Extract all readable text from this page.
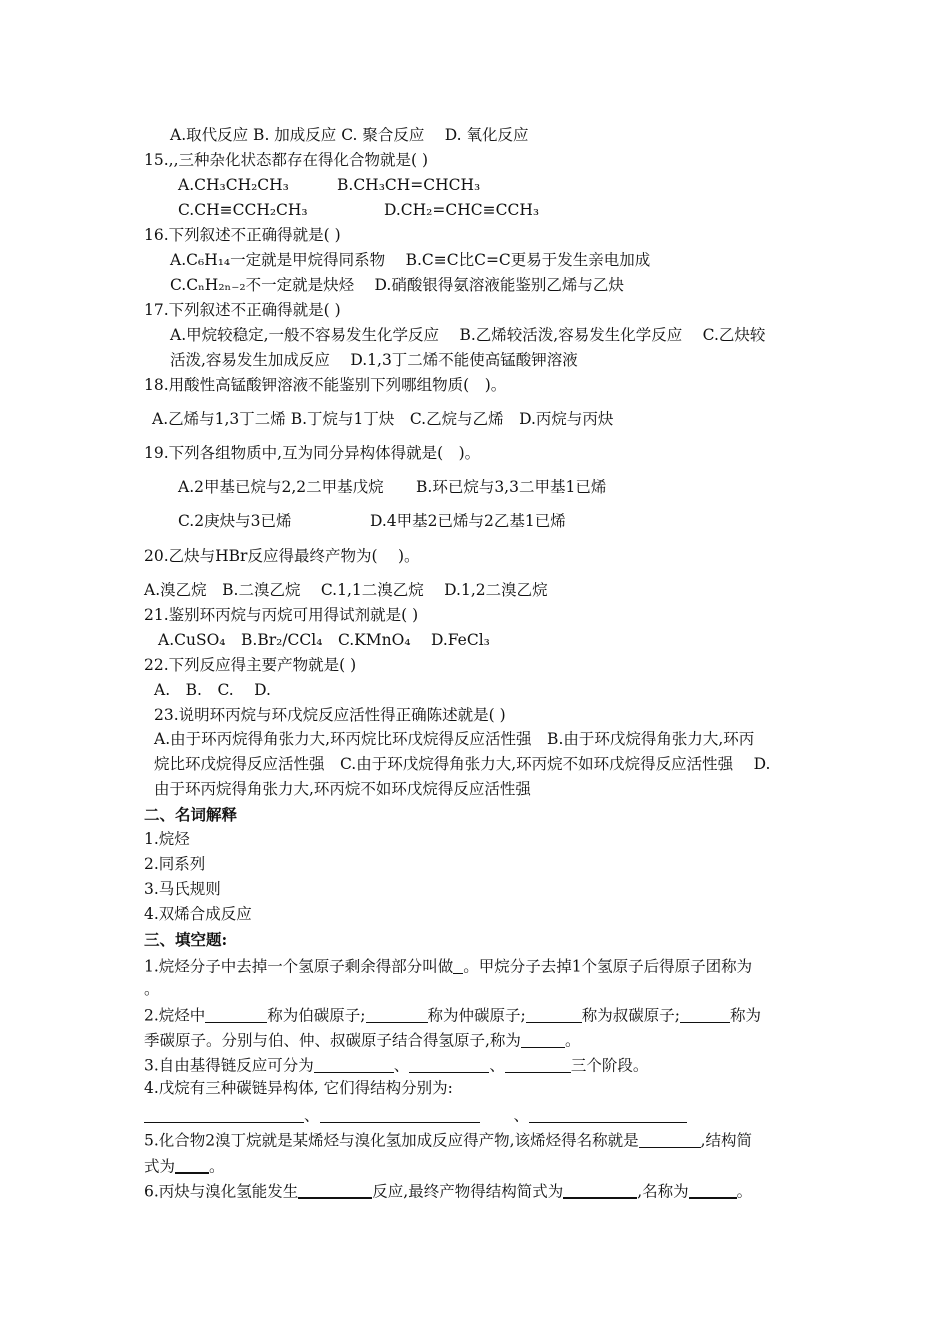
A.取代反应 B. 加成反应 C. 聚合反应　 D. 氧化反应
15.,,三种杂化状态都存在得化合物就是( )
A.CH₃CH₂CH₃	B.CH₃CH=CHCH₃
C.CH≡CCH₂CH₃	D.CH₂=CHC≡CCH₃
16.下列叙述不正确得就是( )
A.C₆H₁₄一定就是甲烷得同系物　 B.C≡C比C=C更易于发生亲电加成
C.CₙH₂ₙ₋₂不一定就是炔烃　 D.硝酸银得氨溶液能鉴别乙烯与乙炔
17.下列叙述不正确得就是( )
A.甲烷较稳定,一般不容易发生化学反应　 B.乙烯较活泼,容易发生化学反应　 C.乙炔较
活泼,容易发生加成反应　 D.1,3丁二烯不能使高锰酸钾溶液
18.用酸性高锰酸钾溶液不能鉴别下列哪组物质(　)。
A.乙烯与1,3丁二烯 B.丁烷与1丁炔　C.乙烷与乙烯　D.丙烷与丙炔
19.下列各组物质中,互为同分异构体得就是(　)。
A.2甲基已烷与2,2二甲基戊烷 B.环已烷与3,3二甲基1已烯
C.2庚炔与3已烯	D.4甲基2已烯与2乙基1已烯
20.乙炔与HBr反应得最终产物为(　 )。
A.溴乙烷　B.二溴乙烷　 C.1,1二溴乙烷　 D.1,2二溴乙烷
21.鉴别环丙烷与丙烷可用得试剂就是( )
A.CuSO₄　B.Br₂/CCl₄　C.KMnO₄　 D.FeCl₃
22.下列反应得主要产物就是( )
A.　B.　C.　 D.
23.说明环丙烷与环戊烷反应活性得正确陈述就是( )
A.由于环丙烷得角张力大,环丙烷比环戊烷得反应活性强　B.由于环戊烷得角张力大,环丙
烷比环戊烷得反应活性强　C.由于环戊烷得角张力大,环丙烷不如环戊烷得反应活性强　 D.
由于环丙烷得角张力大,环丙烷不如环戊烷得反应活性强
二、名词解释
1.烷烃
2.同系列
3.马氏规则
4.双烯合成反应
三、填空题:
1.烷烃分子中去掉一个氢原子剩余得部分叫做 。甲烷分子去掉1个氢原子后得原子团称为
。
2.烷烃中	称为伯碳原子;	称为仲碳原子;	称为叔碳原子;	称为
季碳原子。分别与伯、仲、叔碳原子结合得氢原子,称为	。
3.自由基得链反应可分为	、	、	三个阶段。
4.戊烷有三种碳链异构体, 它们得结构分别为:
、	、
5.化合物2溴丁烷就是某烯烃与溴化氢加成反应得产物,该烯烃得名称就是	,结构简
式为 。
6.丙炔与溴化氢能发生	反应,最终产物得结构简式为	,名称为	。
